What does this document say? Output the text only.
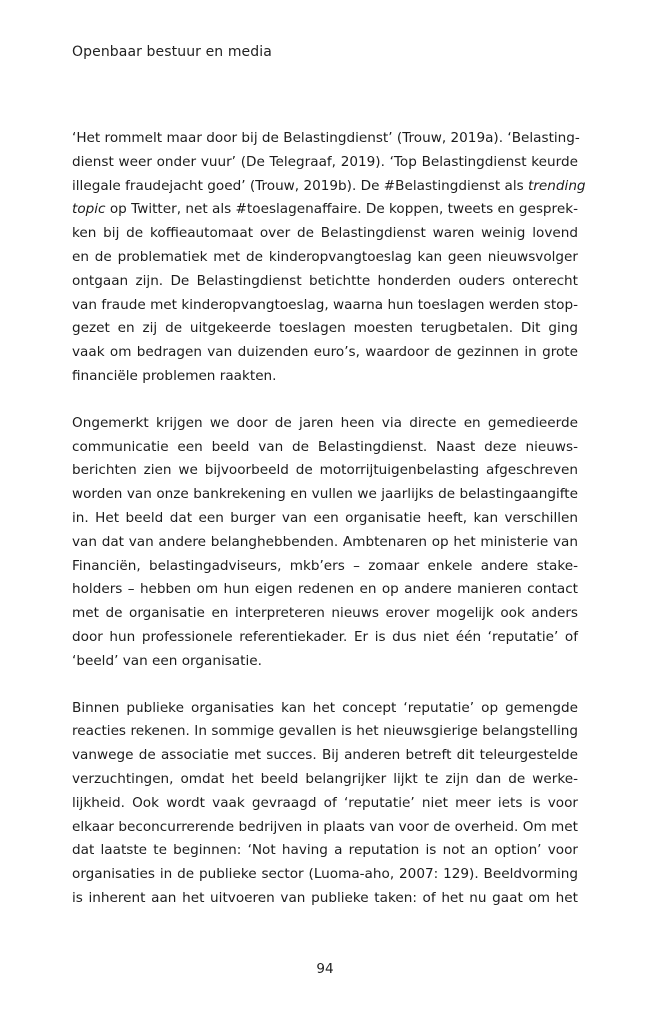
Openbaar bestuur en media
‘Het rommelt maar door bij de Belastingdienst’ (Trouw, 2019a). ‘Belasting-
dienst weer onder vuur’ (De Telegraaf, 2019). ‘Top Belastingdienst keurde
illegale fraudejacht goed’ (Trouw, 2019b). De #Belastingdienst als trending
topic op Twitter, net als #toeslagenaffaire. De koppen, tweets en gesprek-
ken bij de koffieautomaat over de Belastingdienst waren weinig lovend
en de problematiek met de kinderopvangtoeslag kan geen nieuwsvolger
ontgaan zijn. De Belastingdienst betichtte honderden ouders onterecht
van fraude met kinderopvangtoeslag, waarna hun toeslagen werden stop-
gezet en zij de uitgekeerde toeslagen moesten terugbetalen. Dit ging
vaak om bedragen van duizenden euro’s, waardoor de gezinnen in grote
financiële problemen raakten.
Ongemerkt krijgen we door de jaren heen via directe en gemedieerde
communicatie een beeld van de Belastingdienst. Naast deze nieuws-
berichten zien we bijvoorbeeld de motorrijtuigenbelasting afgeschreven
worden van onze bankrekening en vullen we jaarlijks de belastingaangifte
in. Het beeld dat een burger van een organisatie heeft, kan verschillen
van dat van andere belanghebbenden. Ambtenaren op het ministerie van
Financiën, belastingadviseurs, mkb’ers – zomaar enkele andere stake-
holders – hebben om hun eigen redenen en op andere manieren contact
met de organisatie en interpreteren nieuws erover mogelijk ook anders
door hun professionele referentiekader. Er is dus niet één ‘reputatie’ of
‘beeld’ van een organisatie.
Binnen publieke organisaties kan het concept ‘reputatie’ op gemengde
reacties rekenen. In sommige gevallen is het nieuwsgierige belangstelling
vanwege de associatie met succes. Bij anderen betreft dit teleurgestelde
verzuchtingen, omdat het beeld belangrijker lijkt te zijn dan de werke-
lijkheid. Ook wordt vaak gevraagd of ‘reputatie’ niet meer iets is voor
elkaar beconcurrerende bedrijven in plaats van voor de overheid. Om met
dat laatste te beginnen: ‘Not having a reputation is not an option’ voor
organisaties in de publieke sector (Luoma-aho, 2007: 129). Beeldvorming
is inherent aan het uitvoeren van publieke taken: of het nu gaat om het
94
